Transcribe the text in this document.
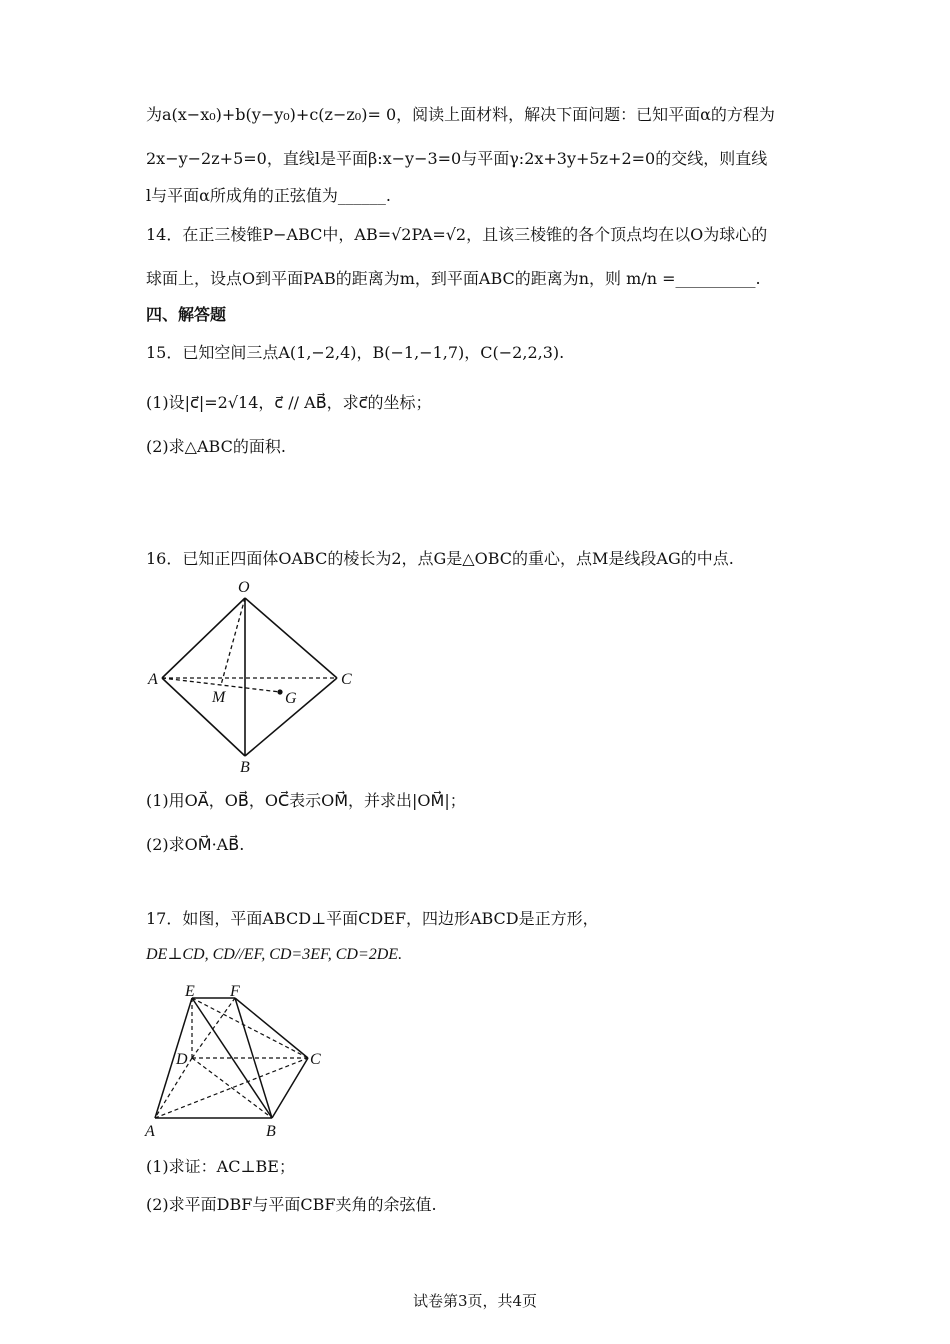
为a(x−x₀)+b(y−y₀)+c(z−z₀)= 0，阅读上面材料，解决下面问题：已知平面α的方程为
2x−y−2z+5=0，直线l是平面β:x−y−3=0与平面γ:2x+3y+5z+2=0的交线，则直线
l与平面α所成角的正弦值为______.
14．在正三棱锥P−ABC中，AB=√2PA=√2，且该三棱锥的各个顶点均在以O为球心的
球面上，设点O到平面PAB的距离为m，到平面ABC的距离为n，则 m/n =__________.
四、解答题
15．已知空间三点A(1,−2,4)，B(−1,−1,7)，C(−2,2,3).
(1)设|c⃗|=2√14，c⃗ // AB⃗，求c⃗的坐标；
(2)求△ABC的面积.
16．已知正四面体OABC的棱长为2，点G是△OBC的重心，点M是线段AG的中点.
O
A	C
M	G
B
(1)用OA⃗，OB⃗，OC⃗表示OM⃗，并求出|OM⃗|；
(2)求OM⃗·AB⃗.
17．如图，平面ABCD⊥平面CDEF，四边形ABCD是正方形，
DE⊥CD, CD//EF, CD=3EF, CD=2DE.
E F
D	C
A	B
(1)求证：AC⊥BE；
(2)求平面DBF与平面CBF夹角的余弦值.
试卷第3页，共4页
